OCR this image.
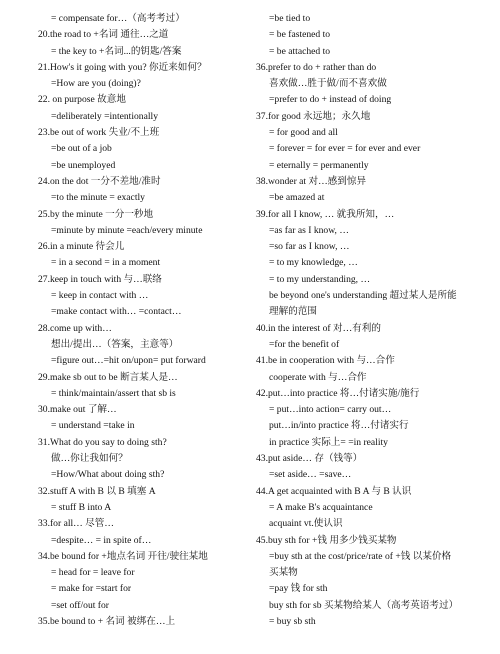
= compensate for…（高考考过）
20.the road to +名词 通往…之道
= the key to +名词...的钥匙/答案
21.How's it going with you? 你近来如何？
=How are you (doing)?
22. on purpose 故意地
=deliberately =intentionally
23.be out of work 失业/不上班
=be out of a job
=be unemployed
24.on the dot 一分不差地/准时
=to the minute = exactly
25.by the minute 一分一秒地
=minute by minute =each/every minute
26.in a minute 待会儿
= in a second = in a moment
27.keep in touch with 与…联络
= keep in contact with …
=make contact with… =contact…
28.come up with…
想出/提出…（答案，主意等）
=figure out…=hit on/upon= put forward
29.make sb out to be 断言某人是…
= think/maintain/assert that sb is
30.make out 了解…
= understand =take in
31.What do you say to doing sth?
做…你让我如何？
=How/What about doing sth?
32.stuff A with B 以 B 填塞 A
= stuff B into A
33.for all… 尽管…
=despite… = in spite of…
34.be bound for +地点名词 开往/驶往某地
= head for = leave for
= make for =start for
=set off/out for
35.be bound to + 名词 被绑在…上
=be tied to
= be fastened to
= be attached to
36.prefer to do + rather than do
喜欢做…胜于做/而不喜欢做
=prefer to do + instead of doing
37.for good 永远地；永久地
= for good and all
= forever = for ever = for ever and ever
= eternally = permanently
38.wonder at 对…感到惊异
=be amazed at
39.for all I know, … 就我所知，…
=as far as I know, …
=so far as I know, …
= to my knowledge, …
= to my understanding, …
be beyond one's understanding 超过某人是所能
理解的范围
40.in the interest of 对…有利的
=for the benefit of
41.be in cooperation with 与…合作
cooperate with 与…合作
42.put…into practice 将…付诸实施/施行
= put…into action= carry out…
put…in/into practice 将…付诸实行
in practice 实际上= =in reality
43.put aside… 存（钱等）
=set aside… =save…
44.A get acquainted with B A 与 B 认识
= A make B's acquaintance
acquaint vt.使认识
45.buy sth for +钱 用多少钱买某物
=buy sth at the cost/price/rate of +钱 以某价格
买某物
=pay 钱 for sth
buy sth for sb 买某物给某人（高考英语考过）
= buy sb sth
